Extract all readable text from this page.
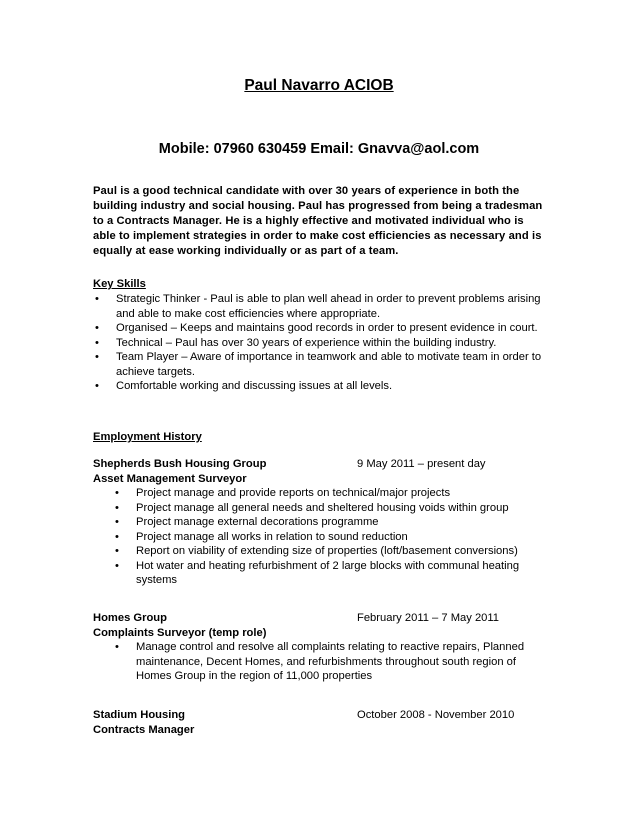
Paul Navarro ACIOB
Mobile: 07960 630459 Email: Gnavva@aol.com
Paul is a good technical candidate with over 30 years of experience in both the building industry and social housing. Paul has progressed from being a tradesman to a Contracts Manager. He is a highly effective and motivated individual who is able to implement strategies in order to make cost efficiencies as necessary and is equally at ease working individually or as part of a team.
Key Skills
• Strategic Thinker - Paul is able to plan well ahead in order to prevent problems arising and able to make cost efficiencies where appropriate.
• Organised – Keeps and maintains good records in order to present evidence in court.
• Technical – Paul has over 30 years of experience within the building industry.
• Team Player – Aware of importance in teamwork and able to motivate team in order to achieve targets.
• Comfortable working and discussing issues at all levels.
Employment History
Shepherds Bush Housing Group	9 May 2011 – present day
Asset Management Surveyor
• Project manage and provide reports on technical/major projects
• Project manage all general needs and sheltered housing voids within group
• Project manage external decorations programme
• Project manage all works in relation to sound reduction
• Report on viability of extending size of properties (loft/basement conversions)
• Hot water and heating refurbishment of 2 large blocks with communal heating systems
Homes Group	February 2011 – 7 May 2011
Complaints Surveyor (temp role)
• Manage control and resolve all complaints relating to reactive repairs, Planned maintenance, Decent Homes, and refurbishments throughout south region of Homes Group in the region of 11,000 properties
Stadium Housing	October 2008 - November 2010
Contracts Manager
